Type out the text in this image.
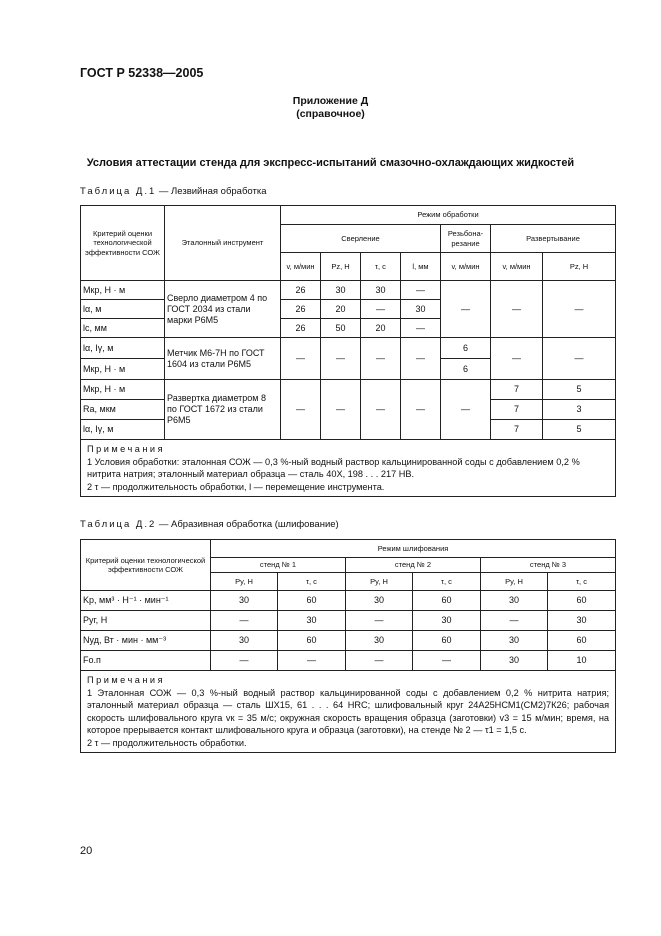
ГОСТ Р 52338—2005
Приложение Д
(справочное)
Условия аттестации стенда для экспресс-испытаний смазочно-охлаждающих жидкостей
Таблица Д.1 — Лезвийная обработка
Критерий оценки технологической эффективности СОЖ	Эталонный инструмент	Режим обработки						
		Сверление				Резьбона-резание	Развертывание	
		v, м/мин	Pz, Н	τ, с	l, мм	v, м/мин	v, м/мин	Pz, Н
Mкр, Н · м	Сверло диаметром 4 по ГОСТ 2034 из стали марки Р6М5	26	30	30	—	—	—	—
lα, м		26	20	—	30			
lc, мм		26	50	20	—			
lα, Iγ, м	Метчик М6-7Н по ГОСТ 1604 из стали Р6М5	—	—	—	—	6	—	—
Mкр, Н · м						6		
Mкр, Н · м	Развертка диаметром 8 по ГОСТ 1672 из стали Р6М5	—	—	—	—	—	7	5
Ra, мкм							7	3
lα, Iγ, м							7	5

Примечания
1 Условия обработки: эталонная СОЖ — 0,3 %-ный водный раствор кальцинированной соды с добавлением 0,2 % нитрита натрия; эталонный материал образца — сталь 40Х, 198 . . . 217 НВ.
2 τ — продолжительность обработки, l — перемещение инструмента.								
Таблица Д.2 — Абразивная обработка (шлифование)
Критерий оценки технологической эффективности СОЖ	Режим шлифования					
	стенд № 1		стенд № 2		стенд № 3	
	Py, Н	τ, с	Py, Н	τ, с	Py, Н	τ, с
Kp, мм³ · Н⁻¹ · мин⁻¹	30	60	30	60	30	60
Pуг, Н	—	30	—	30	—	30
Nуд, Вт · мин · мм⁻³	30	60	30	60	30	60
Fо.п	—	—	—	—	30	10

Примечания
1 Эталонная СОЖ — 0,3 %-ный водный раствор кальцинированной соды с добавлением 0,2 % нитрита натрия; эталонный материал образца — сталь ШХ15, 61 . . . 64 HRC; шлифовальный круг 24А25НСМ1(СМ2)7К26; рабочая скорость шлифовального круга vк = 35 м/с; окружная скорость вращения образца (заготовки) v3 = 15 м/мин; время, на которое прерывается контакт шлифовального круга и образца (заготовки), на стенде № 2 — τ1 = 1,5 с.
2 τ — продолжительность обработки.						
20
